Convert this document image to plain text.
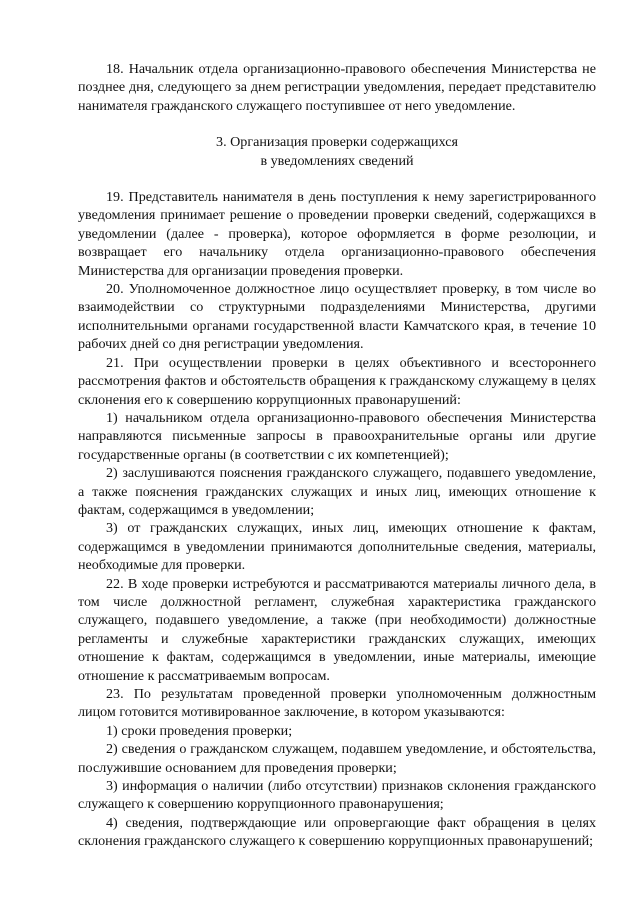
18. Начальник отдела организационно-правового обеспечения Министерства не позднее дня, следующего за днем регистрации уведомления, передает представителю нанимателя гражданского служащего поступившее от него уведомление.

3. Организация проверки содержащихся
в уведомлениях сведений

19. Представитель нанимателя в день поступления к нему зарегистрированного уведомления принимает решение о проведении проверки сведений, содержащихся в уведомлении (далее - проверка), которое оформляется в форме резолюции, и возвращает его начальнику отдела организационно-правового обеспечения Министерства для организации проведения проверки.

20. Уполномоченное должностное лицо осуществляет проверку, в том числе во взаимодействии со структурными подразделениями Министерства, другими исполнительными органами государственной власти Камчатского края, в течение 10 рабочих дней со дня регистрации уведомления.

21. При осуществлении проверки в целях объективного и всестороннего рассмотрения фактов и обстоятельств обращения к гражданскому служащему в целях склонения его к совершению коррупционных правонарушений:

1) начальником отдела организационно-правового обеспечения Министерства направляются письменные запросы в правоохранительные органы или другие государственные органы (в соответствии с их компетенцией);

2) заслушиваются пояснения гражданского служащего, подавшего уведомление, а также пояснения гражданских служащих и иных лиц, имеющих отношение к фактам, содержащимся в уведомлении;

3) от гражданских служащих, иных лиц, имеющих отношение к фактам, содержащимся в уведомлении принимаются дополнительные сведения, материалы, необходимые для проверки.

22. В ходе проверки истребуются и рассматриваются материалы личного дела, в том числе должностной регламент, служебная характеристика гражданского служащего, подавшего уведомление, а также (при необходимости) должностные регламенты и служебные характеристики гражданских служащих, имеющих отношение к фактам, содержащимся в уведомлении, иные материалы, имеющие отношение к рассматриваемым вопросам.

23. По результатам проведенной проверки уполномоченным должностным лицом готовится мотивированное заключение, в котором указываются:

1) сроки проведения проверки;

2) сведения о гражданском служащем, подавшем уведомление, и обстоятельства, послужившие основанием для проведения проверки;

3) информация о наличии (либо отсутствии) признаков склонения гражданского служащего к совершению коррупционного правонарушения;

4) сведения, подтверждающие или опровергающие факт обращения в целях склонения гражданского служащего к совершению коррупционных правонарушений;
